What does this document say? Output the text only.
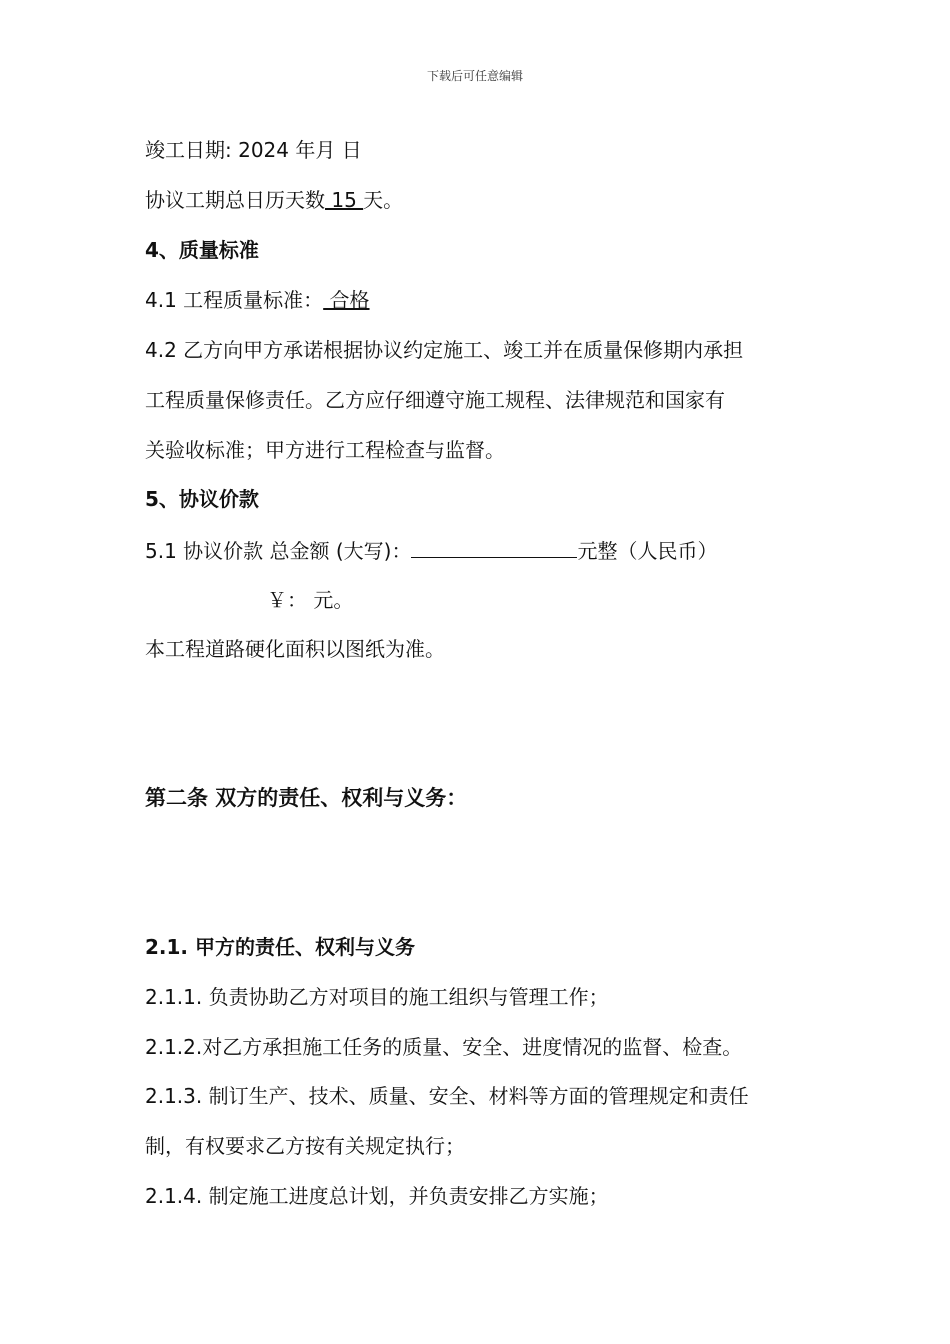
下载后可任意编辑
竣工日期: 2024 年月 日
协议工期总日历天数 15 天。
4、质量标准
4.1 工程质量标准： 合格
4.2 乙方向甲方承诺根据协议约定施工、竣工并在质量保修期内承担
工程质量保修责任。乙方应仔细遵守施工规程、法律规范和国家有
关验收标准；甲方进行工程检查与监督。
5、协议价款
5.1 协议价款 总金额 (大写)：	元整（人民币）
￥： 元。
本工程道路硬化面积以图纸为准。
第二条 双方的责任、权利与义务：
2.1. 甲方的责任、权利与义务
2.1.1. 负责协助乙方对项目的施工组织与管理工作；
2.1.2.对乙方承担施工任务的质量、安全、进度情况的监督、检查。
2.1.3. 制订生产、技术、质量、安全、材料等方面的管理规定和责任
制，有权要求乙方按有关规定执行；
2.1.4. 制定施工进度总计划，并负责安排乙方实施；
